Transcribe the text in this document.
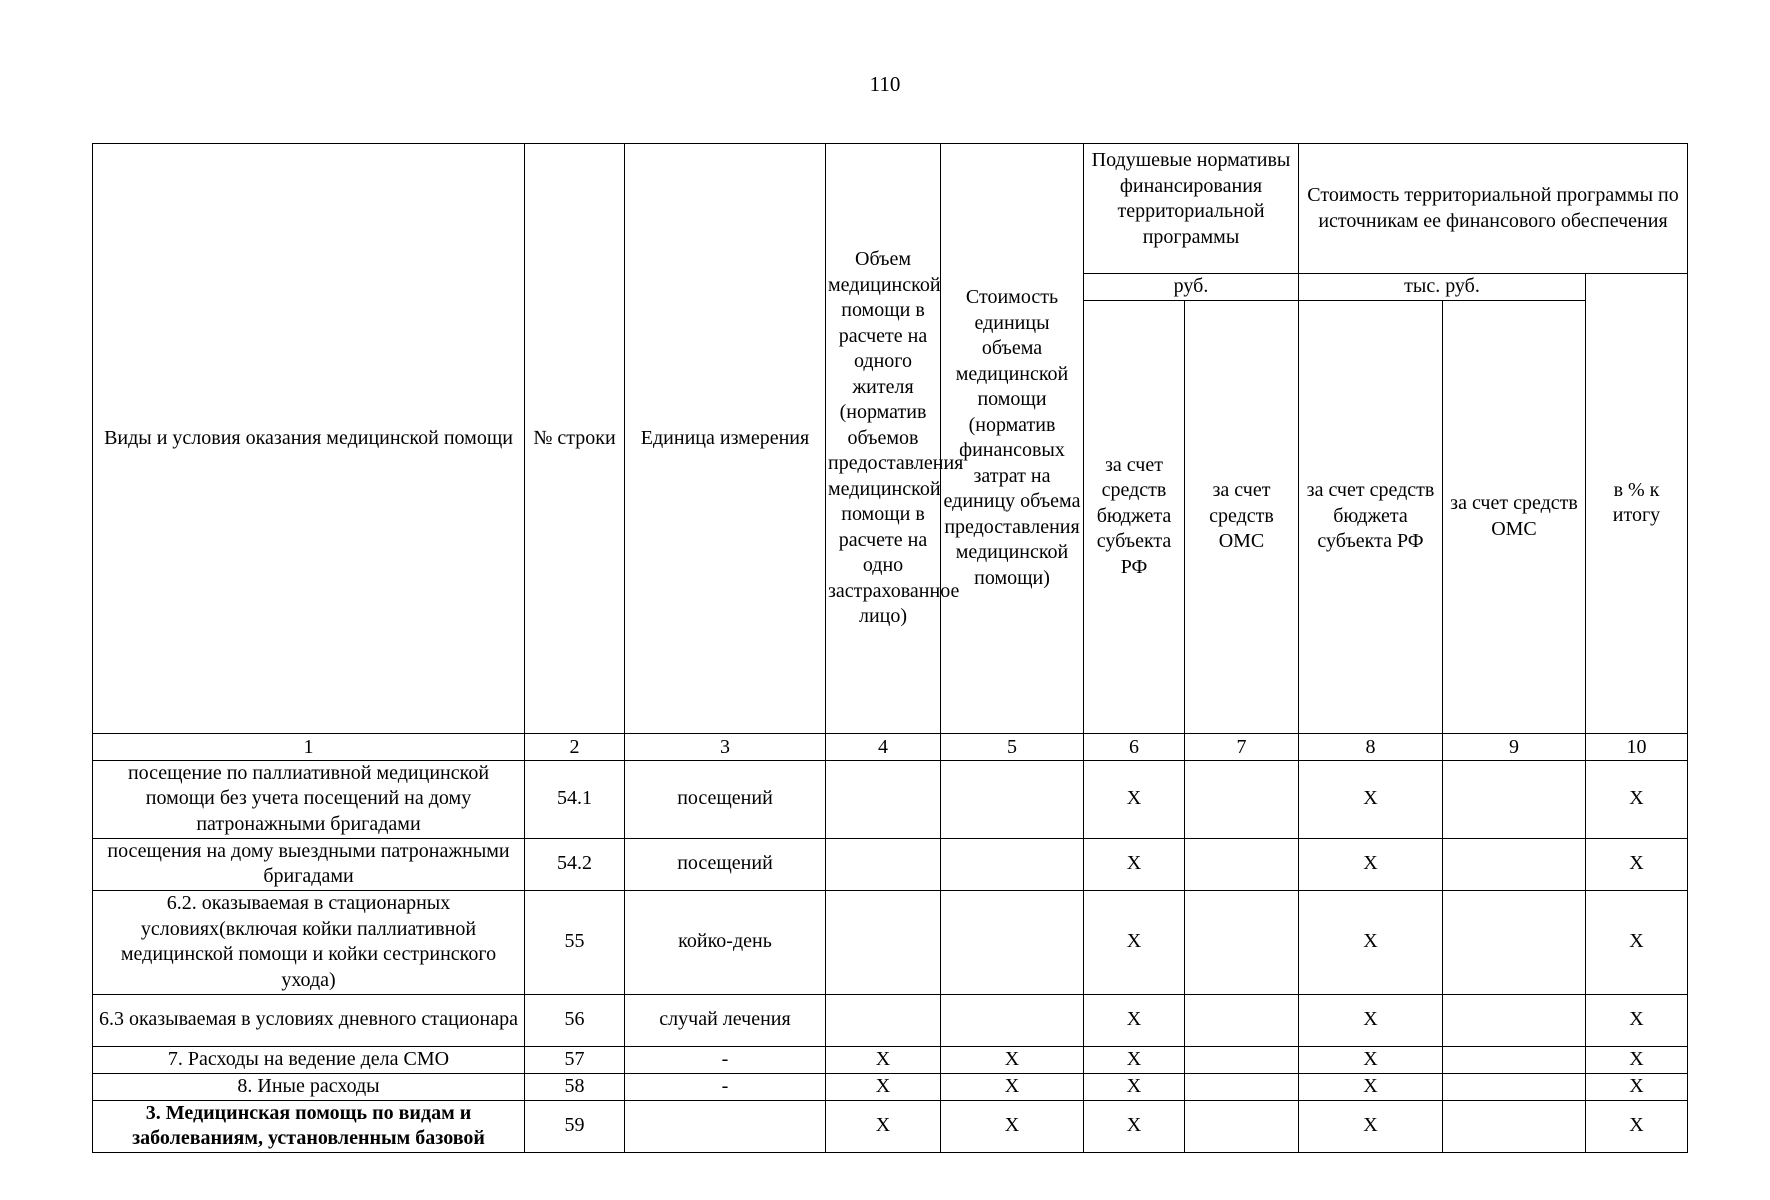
110
Виды и условия оказания медицинской помощи	№ строки	Единица измерения	Объем медицинской помощи в расчете на одного жителя (норматив объемов предоставления медицинской помощи в расчете на одно застрахованное лицо)	Стоимость единицы объема медицинской помощи (норматив финансовых затрат на единицу объема предоставления медицинской помощи)	Подушевые нормативы финансирования территориальной программы		Стоимость территориальной программы по источникам ее финансового обеспечения		
					руб.		тыс. руб.		в % к итогу
					за счет средств бюджета субъекта РФ	за счет средств ОМС	за счет средств бюджета субъекта РФ	за счет средств ОМС	
1	2	3	4	5	6	7	8	9	10
посещение по паллиативной медицинской помощи без учета посещений на дому патронажными бригадами	54.1	посещений			X		X		X
посещения на дому выездными патронажными бригадами	54.2	посещений			X		X		X
6.2. оказываемая в стационарных условиях(включая койки паллиативной медицинской помощи и койки сестринского ухода)	55	койко-день			X		X		X
6.3 оказываемая в условиях дневного стационара	56	случай лечения			X		X		X
7. Расходы на ведение дела СМО	57	-	X	X	X		X		X
8. Иные расходы	58	-	X	X	X		X		X
3. Медицинская помощь по видам и заболеваниям, установленным базовой	59		X	X	X		X		X
